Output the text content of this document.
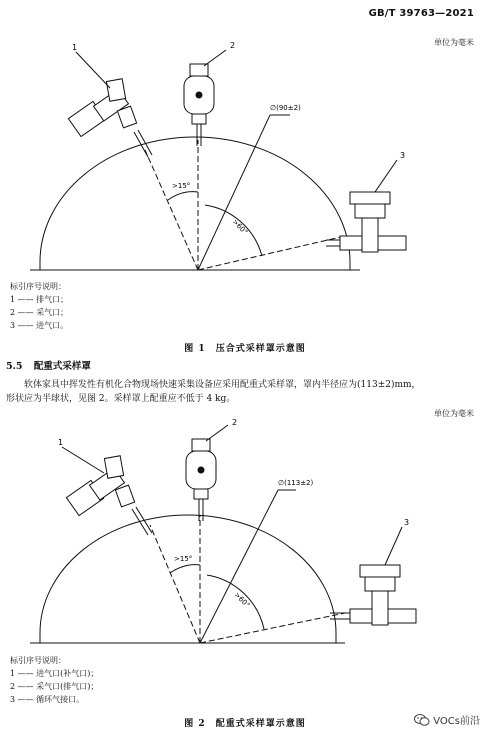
GB/T 39763—2021
单位为毫米
1	2
3
∅(90±2)
>15°
>60°
标引序号说明：
1 —— 排气口；
2 —— 采气口；
3 —— 进气口。
图 1　压合式采样罩示意图
5.5 配重式采样罩
软体家具中挥发性有机化合物现场快速采集设备应采用配重式采样罩，罩内半径应为(113±2)mm，
形状应为半球状，见图 2。采样罩上配重应不低于 4 kg。
单位为毫米
1
2
3
∅(113±2)
>15°
>60°
标引序号说明：
1 —— 进气口(补气口)；
2 —— 采气口(排气口)；
3 —— 循环气接口。
图 2　配重式采样罩示意图	VOCs前沿
